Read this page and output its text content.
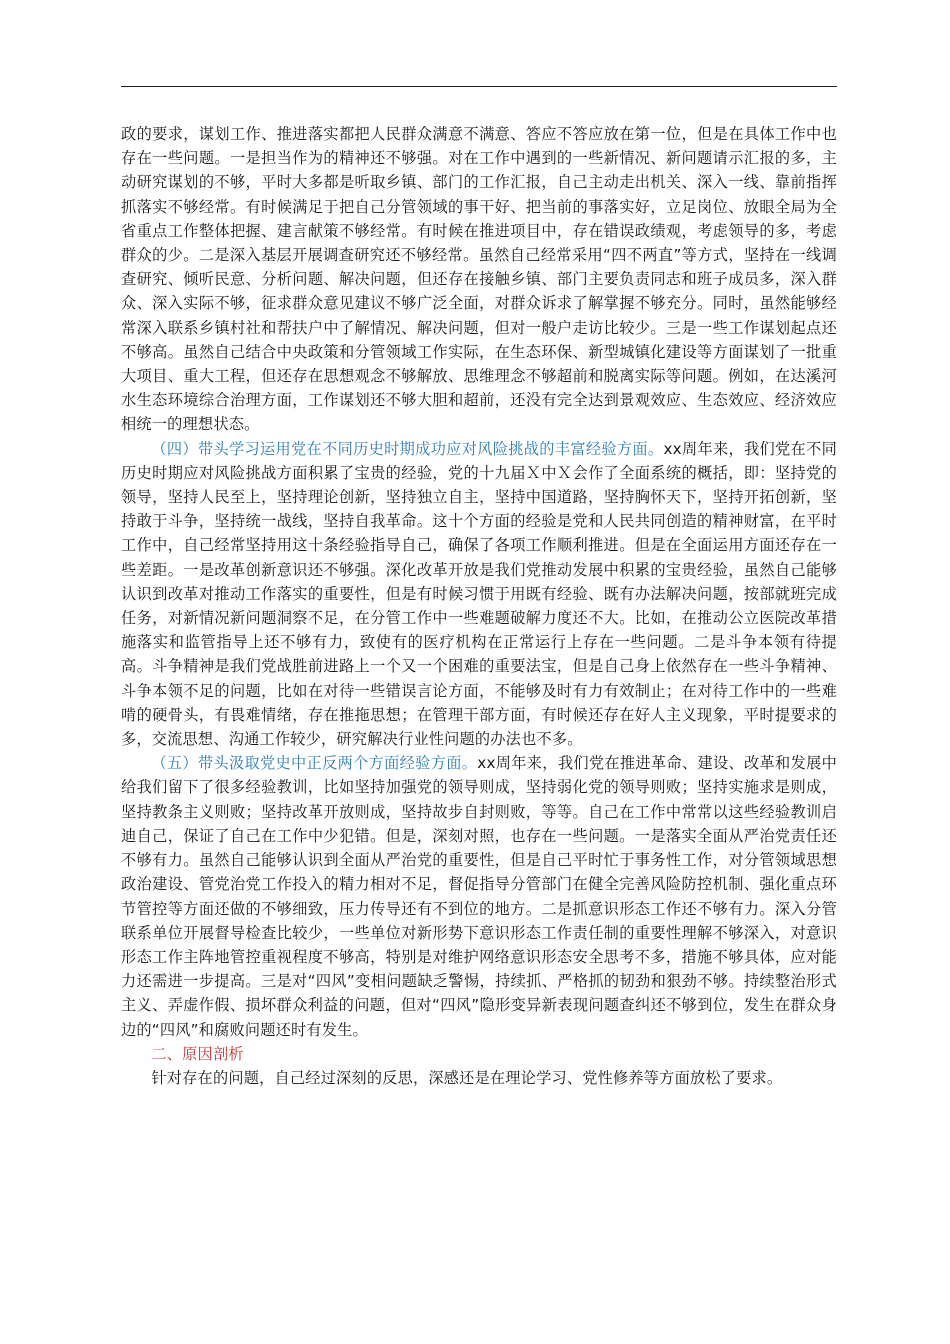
政的要求，谋划工作、推进落实都把人民群众满意不满意、答应不答应放在第一位，但是在具体工作中也存在一些问题。一是担当作为的精神还不够强。对在工作中遇到的一些新情况、新问题请示汇报的多，主动研究谋划的不够，平时大多都是听取乡镇、部门的工作汇报，自己主动走出机关、深入一线、靠前指挥抓落实不够经常。有时候满足于把自己分管领域的事干好、把当前的事落实好，立足岗位、放眼全局为全省重点工作整体把握、建言献策不够经常。有时候在推进项目中，存在错误政绩观，考虑领导的多，考虑群众的少。二是深入基层开展调查研究还不够经常。虽然自己经常采用“四不两直”等方式，坚持在一线调查研究、倾听民意、分析问题、解决问题，但还存在接触乡镇、部门主要负责同志和班子成员多，深入群众、深入实际不够，征求群众意见建议不够广泛全面，对群众诉求了解掌握不够充分。同时，虽然能够经常深入联系乡镇村社和帮扶户中了解情况、解决问题，但对一般户走访比较少。三是一些工作谋划起点还不够高。虽然自己结合中央政策和分管领域工作实际，在生态环保、新型城镇化建设等方面谋划了一批重大项目、重大工程，但还存在思想观念不够解放、思维理念不够超前和脱离实际等问题。例如，在达溪河水生态环境综合治理方面，工作谋划还不够大胆和超前，还没有完全达到景观效应、生态效应、经济效应相统一的理想状态。

（四）带头学习运用党在不同历史时期成功应对风险挑战的丰富经验方面。xx周年来，我们党在不同历史时期应对风险挑战方面积累了宝贵的经验，党的十九届Ｘ中Ｘ会作了全面系统的概括，即：坚持党的领导，坚持人民至上，坚持理论创新，坚持独立自主，坚持中国道路，坚持胸怀天下，坚持开拓创新，坚持敢于斗争，坚持统一战线，坚持自我革命。这十个方面的经验是党和人民共同创造的精神财富，在平时工作中，自己经常坚持用这十条经验指导自己，确保了各项工作顺利推进。但是在全面运用方面还存在一些差距。一是改革创新意识还不够强。深化改革开放是我们党推动发展中积累的宝贵经验，虽然自己能够认识到改革对推动工作落实的重要性，但是有时候习惯于用既有经验、既有办法解决问题，按部就班完成任务，对新情况新问题洞察不足，在分管工作中一些难题破解力度还不大。比如，在推动公立医院改革措施落实和监管指导上还不够有力，致使有的医疗机构在正常运行上存在一些问题。二是斗争本领有待提高。斗争精神是我们党战胜前进路上一个又一个困难的重要法宝，但是自己身上依然存在一些斗争精神、斗争本领不足的问题，比如在对待一些错误言论方面，不能够及时有力有效制止；在对待工作中的一些难啃的硬骨头，有畏难情绪，存在推拖思想；在管理干部方面，有时候还存在好人主义现象，平时提要求的多，交流思想、沟通工作较少，研究解决行业性问题的办法也不多。

（五）带头汲取党史中正反两个方面经验方面。xx周年来，我们党在推进革命、建设、改革和发展中给我们留下了很多经验教训，比如坚持加强党的领导则成，坚持弱化党的领导则败；坚持实施求是则成，坚持教条主义则败；坚持改革开放则成，坚持故步自封则败，等等。自己在工作中常常以这些经验教训启迪自己，保证了自己在工作中少犯错。但是，深刻对照，也存在一些问题。一是落实全面从严治党责任还不够有力。虽然自己能够认识到全面从严治党的重要性，但是自己平时忙于事务性工作，对分管领域思想政治建设、管党治党工作投入的精力相对不足，督促指导分管部门在健全完善风险防控机制、强化重点环节管控等方面还做的不够细致，压力传导还有不到位的地方。二是抓意识形态工作还不够有力。深入分管联系单位开展督导检查比较少，一些单位对新形势下意识形态工作责任制的重要性理解不够深入，对意识形态工作主阵地管控重视程度不够高，特别是对维护网络意识形态安全思考不多，措施不够具体，应对能力还需进一步提高。三是对“四风”变相问题缺乏警惕，持续抓、严格抓的韧劲和狠劲不够。持续整治形式主义、弄虚作假、损坏群众利益的问题，但对“四风”隐形变异新表现问题查纠还不够到位，发生在群众身边的“四风”和腐败问题还时有发生。

二、原因剖析

针对存在的问题，自己经过深刻的反思，深感还是在理论学习、党性修养等方面放松了要求。
